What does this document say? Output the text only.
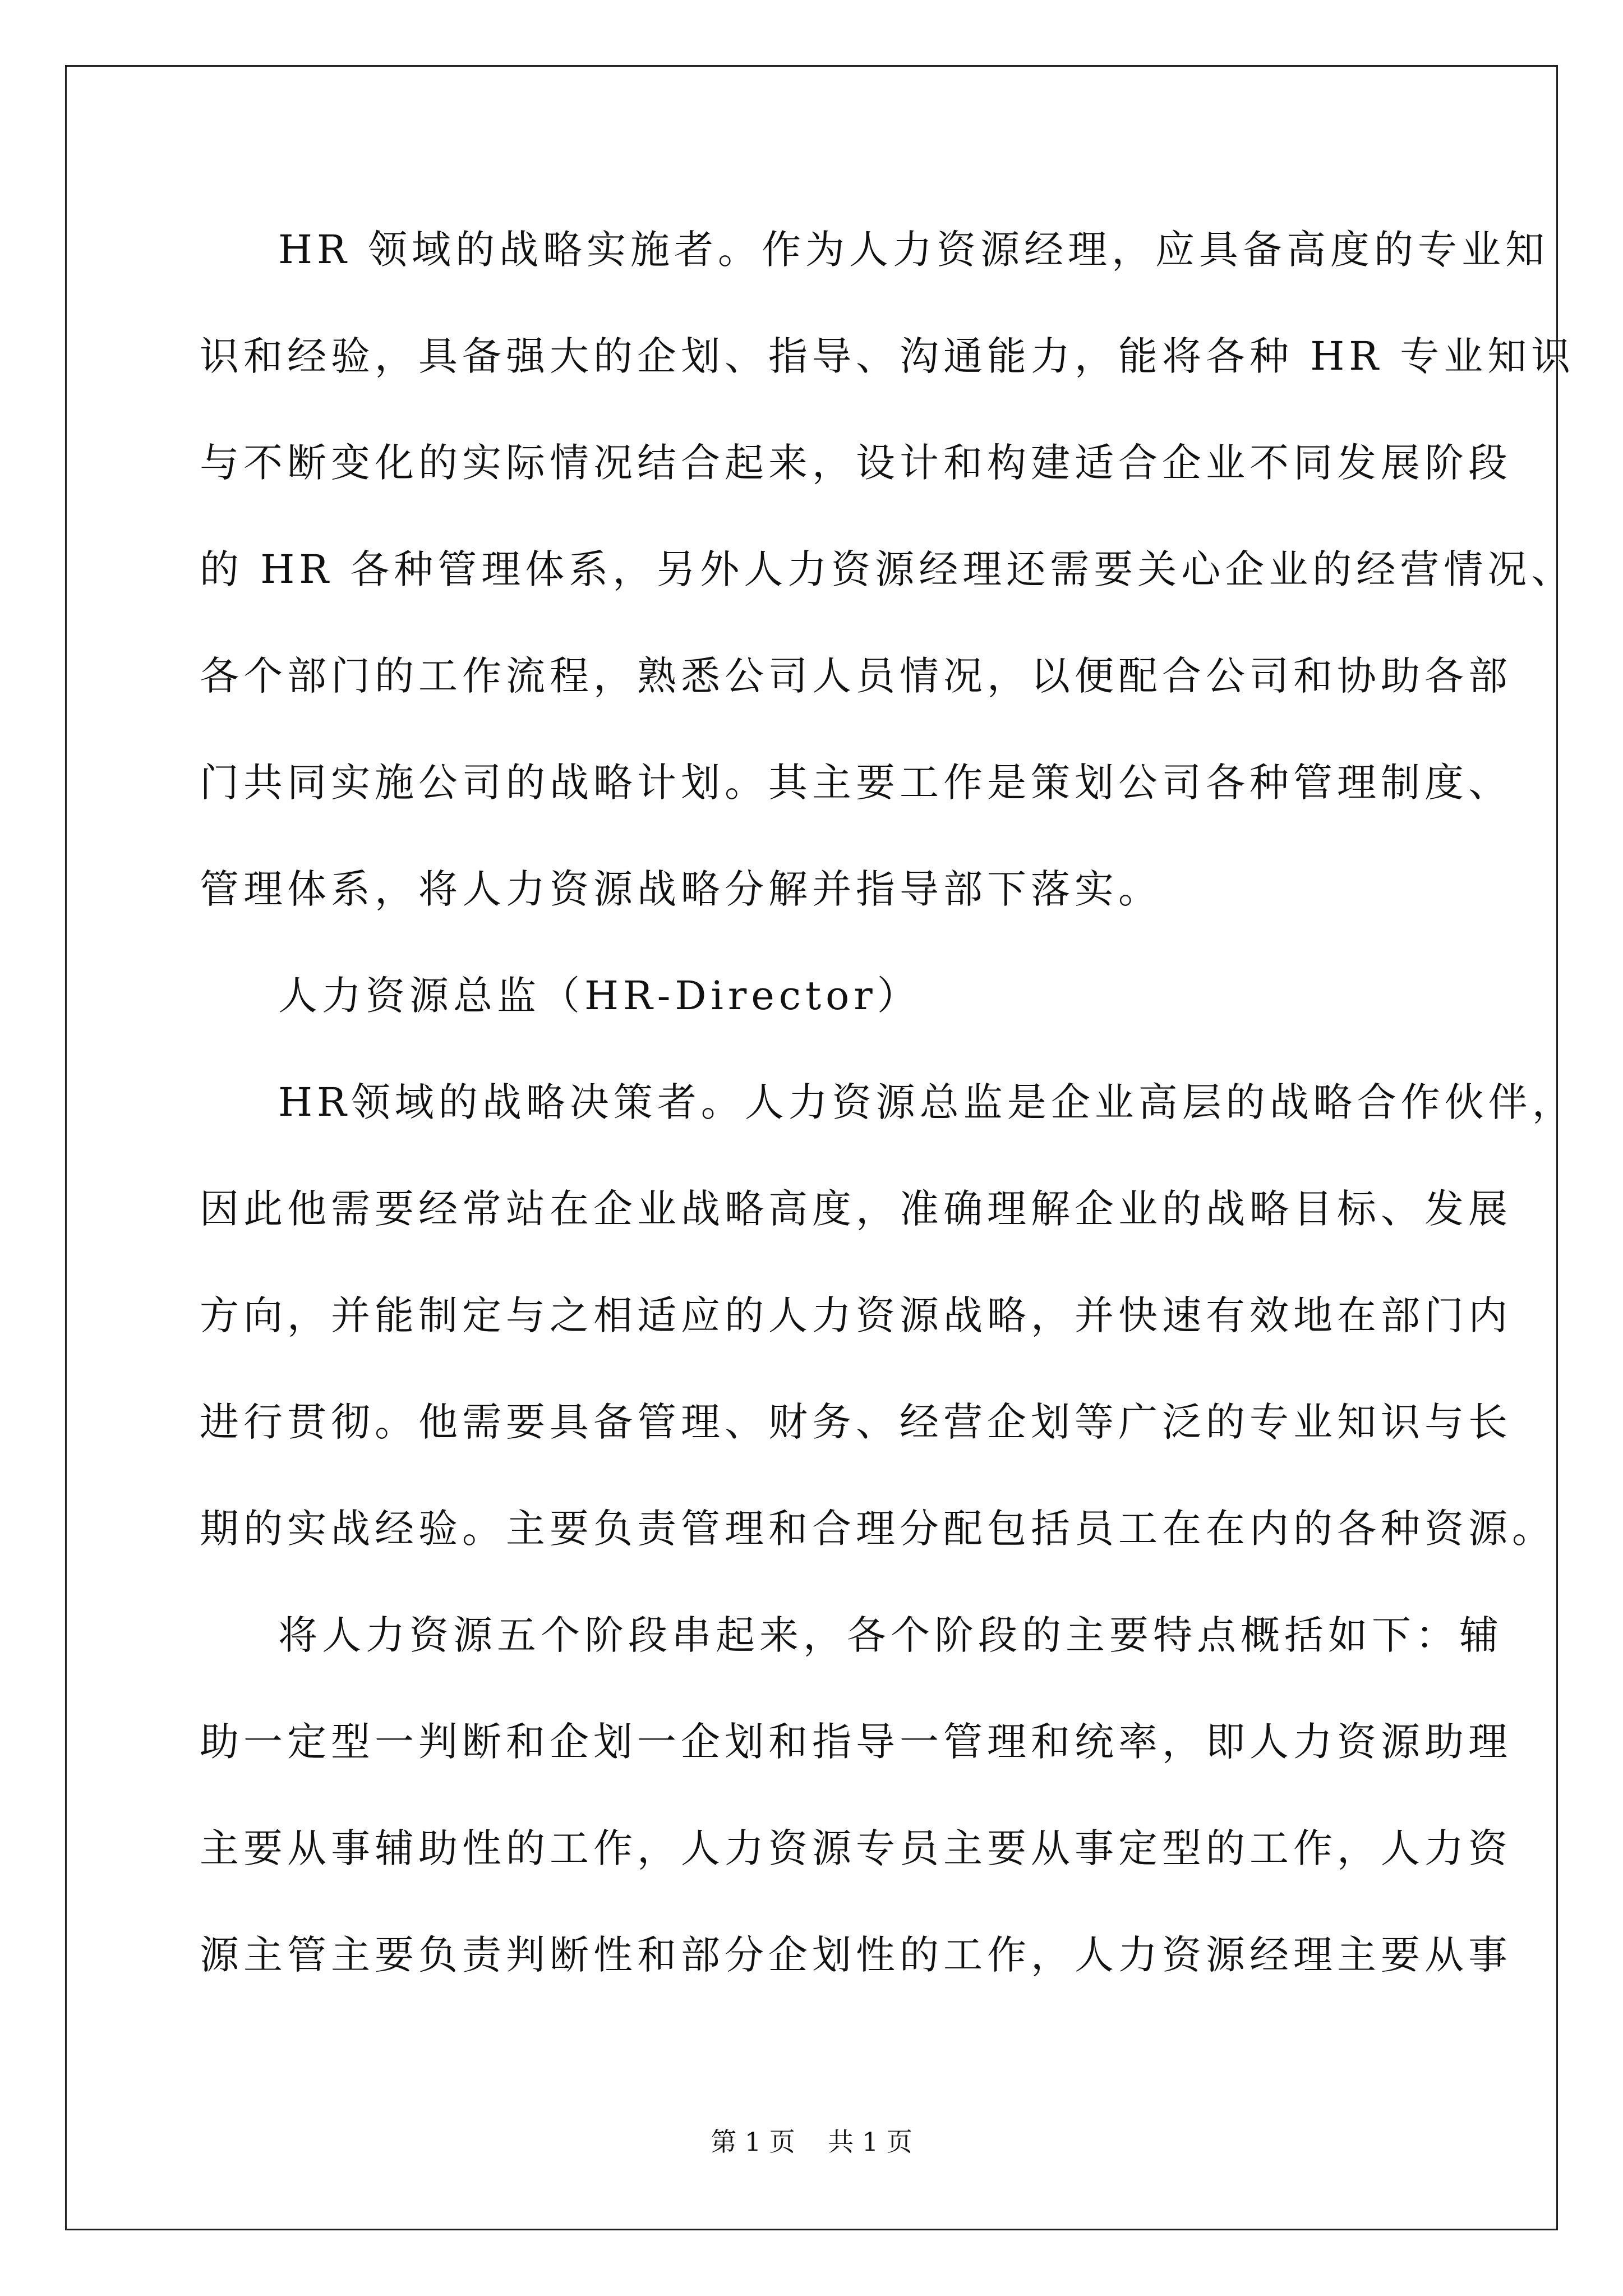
HR 领域的战略实施者。作为人力资源经理，应具备高度的专业知
识和经验，具备强大的企划、指导、沟通能力，能将各种 HR 专业知识
与不断变化的实际情况结合起来，设计和构建适合企业不同发展阶段
的 HR 各种管理体系，另外人力资源经理还需要关心企业的经营情况、
各个部门的工作流程，熟悉公司人员情况，以便配合公司和协助各部
门共同实施公司的战略计划。其主要工作是策划公司各种管理制度、
管理体系，将人力资源战略分解并指导部下落实。
人力资源总监（HR-Director）
HR领域的战略决策者。人力资源总监是企业高层的战略合作伙伴，
因此他需要经常站在企业战略高度，准确理解企业的战略目标、发展
方向，并能制定与之相适应的人力资源战略，并快速有效地在部门内
进行贯彻。他需要具备管理、财务、经营企划等广泛的专业知识与长
期的实战经验。主要负责管理和合理分配包括员工在在内的各种资源。
将人力资源五个阶段串起来，各个阶段的主要特点概括如下：辅
助一定型一判断和企划一企划和指导一管理和统率，即人力资源助理
主要从事辅助性的工作，人力资源专员主要从事定型的工作，人力资
源主管主要负责判断性和部分企划性的工作，人力资源经理主要从事
第 1 页    共 1 页
